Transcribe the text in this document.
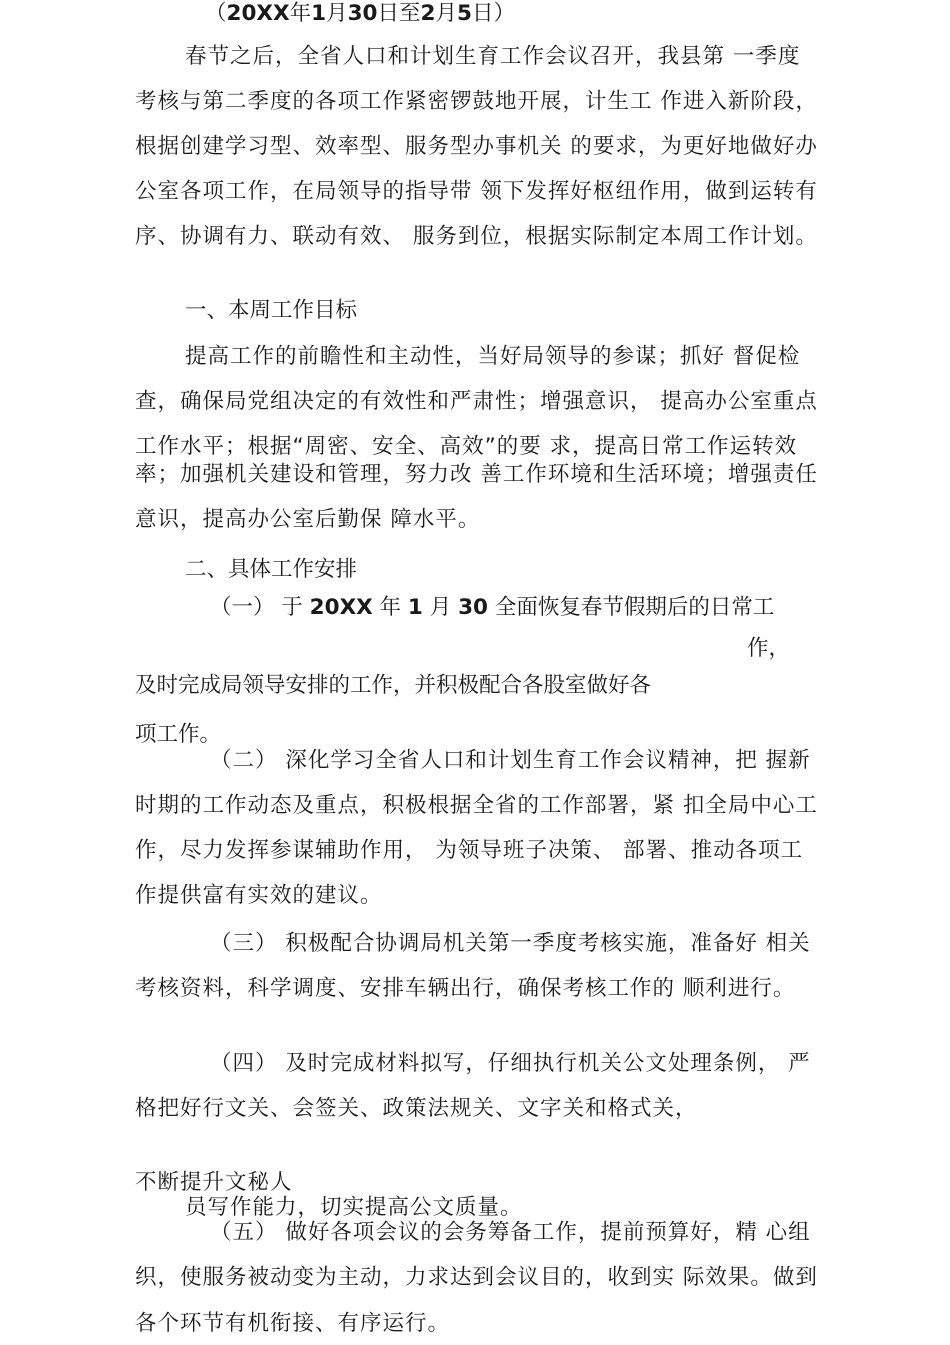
（20XX年1月30日至2月5日）
春节之后，全省人口和计划生育工作会议召开，我县第 一季度
考核与第二季度的各项工作紧密锣鼓地开展，计生工 作进入新阶段，
根据创建学习型、效率型、服务型办事机关 的要求，为更好地做好办
公室各项工作，在局领导的指导带 领下发挥好枢纽作用，做到运转有
序、协调有力、联动有效、 服务到位，根据实际制定本周工作计划。
一、本周工作目标
提高工作的前瞻性和主动性，当好局领导的参谋；抓好 督促检
查，确保局党组决定的有效性和严肃性；增强意识， 提高办公室重点
工作水平；根据“周密、安全、高效”的要 求，提高日常工作运转效
率；加强机关建设和管理，努力改 善工作环境和生活环境；增强责任
意识，提高办公室后勤保 障水平。
二、具体工作安排
（一） 于 20XX 年 1 月 30 全面恢复春节假期后的日常工
作，
及时完成局领导安排的工作，并积极配合各股室做好各
项工作。
（二） 深化学习全省人口和计划生育工作会议精神，把 握新
时期的工作动态及重点，积极根据全省的工作部署，紧 扣全局中心工
作，尽力发挥参谋辅助作用， 为领导班子决策、 部署、推动各项工
作提供富有实效的建议。
（三） 积极配合协调局机关第一季度考核实施，准备好 相关
考核资料，科学调度、安排车辆出行，确保考核工作的 顺利进行。
（四） 及时完成材料拟写，仔细执行机关公文处理条例， 严
格把好行文关、会签关、政策法规关、文字关和格式关，
不断提升文秘人
员写作能力，切实提高公文质量。
（五） 做好各项会议的会务筹备工作，提前预算好，精 心组
织，使服务被动变为主动，力求达到会议目的，收到实 际效果。做到
各个环节有机衔接、有序运行。
